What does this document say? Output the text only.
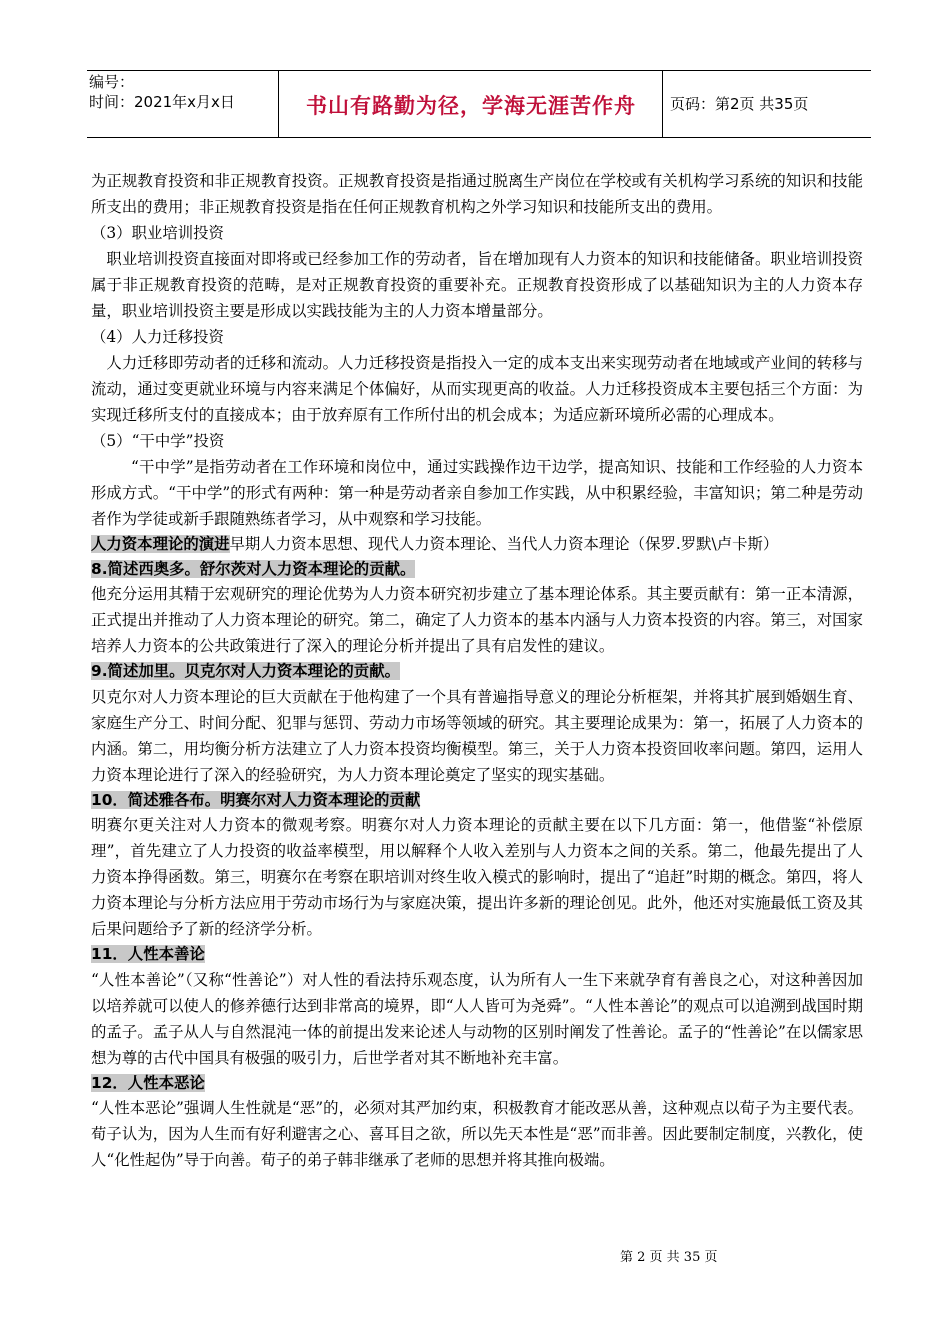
编号：
时间：2021年x月x日	书山有路勤为径，学海无涯苦作舟	页码：第2页 共35页

为正规教育投资和非正规教育投资。正规教育投资是指通过脱离生产岗位在学校或有关机构学习系统的知识和技能所支出的费用；非正规教育投资是指在任何正规教育机构之外学习知识和技能所支出的费用。

（3）职业培训投资

职业培训投资直接面对即将或已经参加工作的劳动者，旨在增加现有人力资本的知识和技能储备。职业培训投资属于非正规教育投资的范畴，是对正规教育投资的重要补充。正规教育投资形成了以基础知识为主的人力资本存量，职业培训投资主要是形成以实践技能为主的人力资本增量部分。

（4）人力迁移投资

人力迁移即劳动者的迁移和流动。人力迁移投资是指投入一定的成本支出来实现劳动者在地域或产业间的转移与流动，通过变更就业环境与内容来满足个体偏好，从而实现更高的收益。人力迁移投资成本主要包括三个方面：为实现迁移所支付的直接成本；由于放弃原有工作所付出的机会成本；为适应新环境所必需的心理成本。

（5）“干中学”投资

“干中学”是指劳动者在工作环境和岗位中，通过实践操作边干边学，提高知识、技能和工作经验的人力资本形成方式。“干中学”的形式有两种：第一种是劳动者亲自参加工作实践，从中积累经验，丰富知识；第二种是劳动者作为学徒或新手跟随熟练者学习，从中观察和学习技能。

人力资本理论的演进早期人力资本思想、现代人力资本理论、当代人力资本理论（保罗.罗默\卢卡斯）

8.简述西奥多。舒尔茨对人力资本理论的贡献。

他充分运用其精于宏观研究的理论优势为人力资本研究初步建立了基本理论体系。其主要贡献有：第一正本清源，正式提出并推动了人力资本理论的研究。第二，确定了人力资本的基本内涵与人力资本投资的内容。第三，对国家培养人力资本的公共政策进行了深入的理论分析并提出了具有启发性的建议。

9.简述加里。贝克尔对人力资本理论的贡献。

贝克尔对人力资本理论的巨大贡献在于他构建了一个具有普遍指导意义的理论分析框架，并将其扩展到婚姻生育、家庭生产分工、时间分配、犯罪与惩罚、劳动力市场等领域的研究。其主要理论成果为：第一，拓展了人力资本的内涵。第二，用均衡分析方法建立了人力资本投资均衡模型。第三，关于人力资本投资回收率问题。第四，运用人力资本理论进行了深入的经验研究，为人力资本理论奠定了坚实的现实基础。

10．简述雅各布。明赛尔对人力资本理论的贡献

明赛尔更关注对人力资本的微观考察。明赛尔对人力资本理论的贡献主要在以下几方面：第一，他借鉴“补偿原理”，首先建立了人力投资的收益率模型，用以解释个人收入差别与人力资本之间的关系。第二，他最先提出了人力资本挣得函数。第三，明赛尔在考察在职培训对终生收入模式的影响时，提出了“追赶”时期的概念。第四，将人力资本理论与分析方法应用于劳动市场行为与家庭决策，提出许多新的理论创见。此外，他还对实施最低工资及其后果问题给予了新的经济学分析。

11．人性本善论

“人性本善论”（又称“性善论”）对人性的看法持乐观态度，认为所有人一生下来就孕育有善良之心，对这种善因加以培养就可以使人的修养德行达到非常高的境界，即“人人皆可为尧舜”。“人性本善论”的观点可以追溯到战国时期的孟子。孟子从人与自然混沌一体的前提出发来论述人与动物的区别时阐发了性善论。孟子的“性善论”在以儒家思想为尊的古代中国具有极强的吸引力，后世学者对其不断地补充丰富。

12．人性本恶论

“人性本恶论”强调人生性就是“恶”的，必须对其严加约束，积极教育才能改恶从善，这种观点以荀子为主要代表。荀子认为，因为人生而有好利避害之心、喜耳目之欲，所以先天本性是“恶”而非善。因此要制定制度，兴教化，使人“化性起伪”导于向善。荀子的弟子韩非继承了老师的思想并将其推向极端。

第 2 页 共 35 页
